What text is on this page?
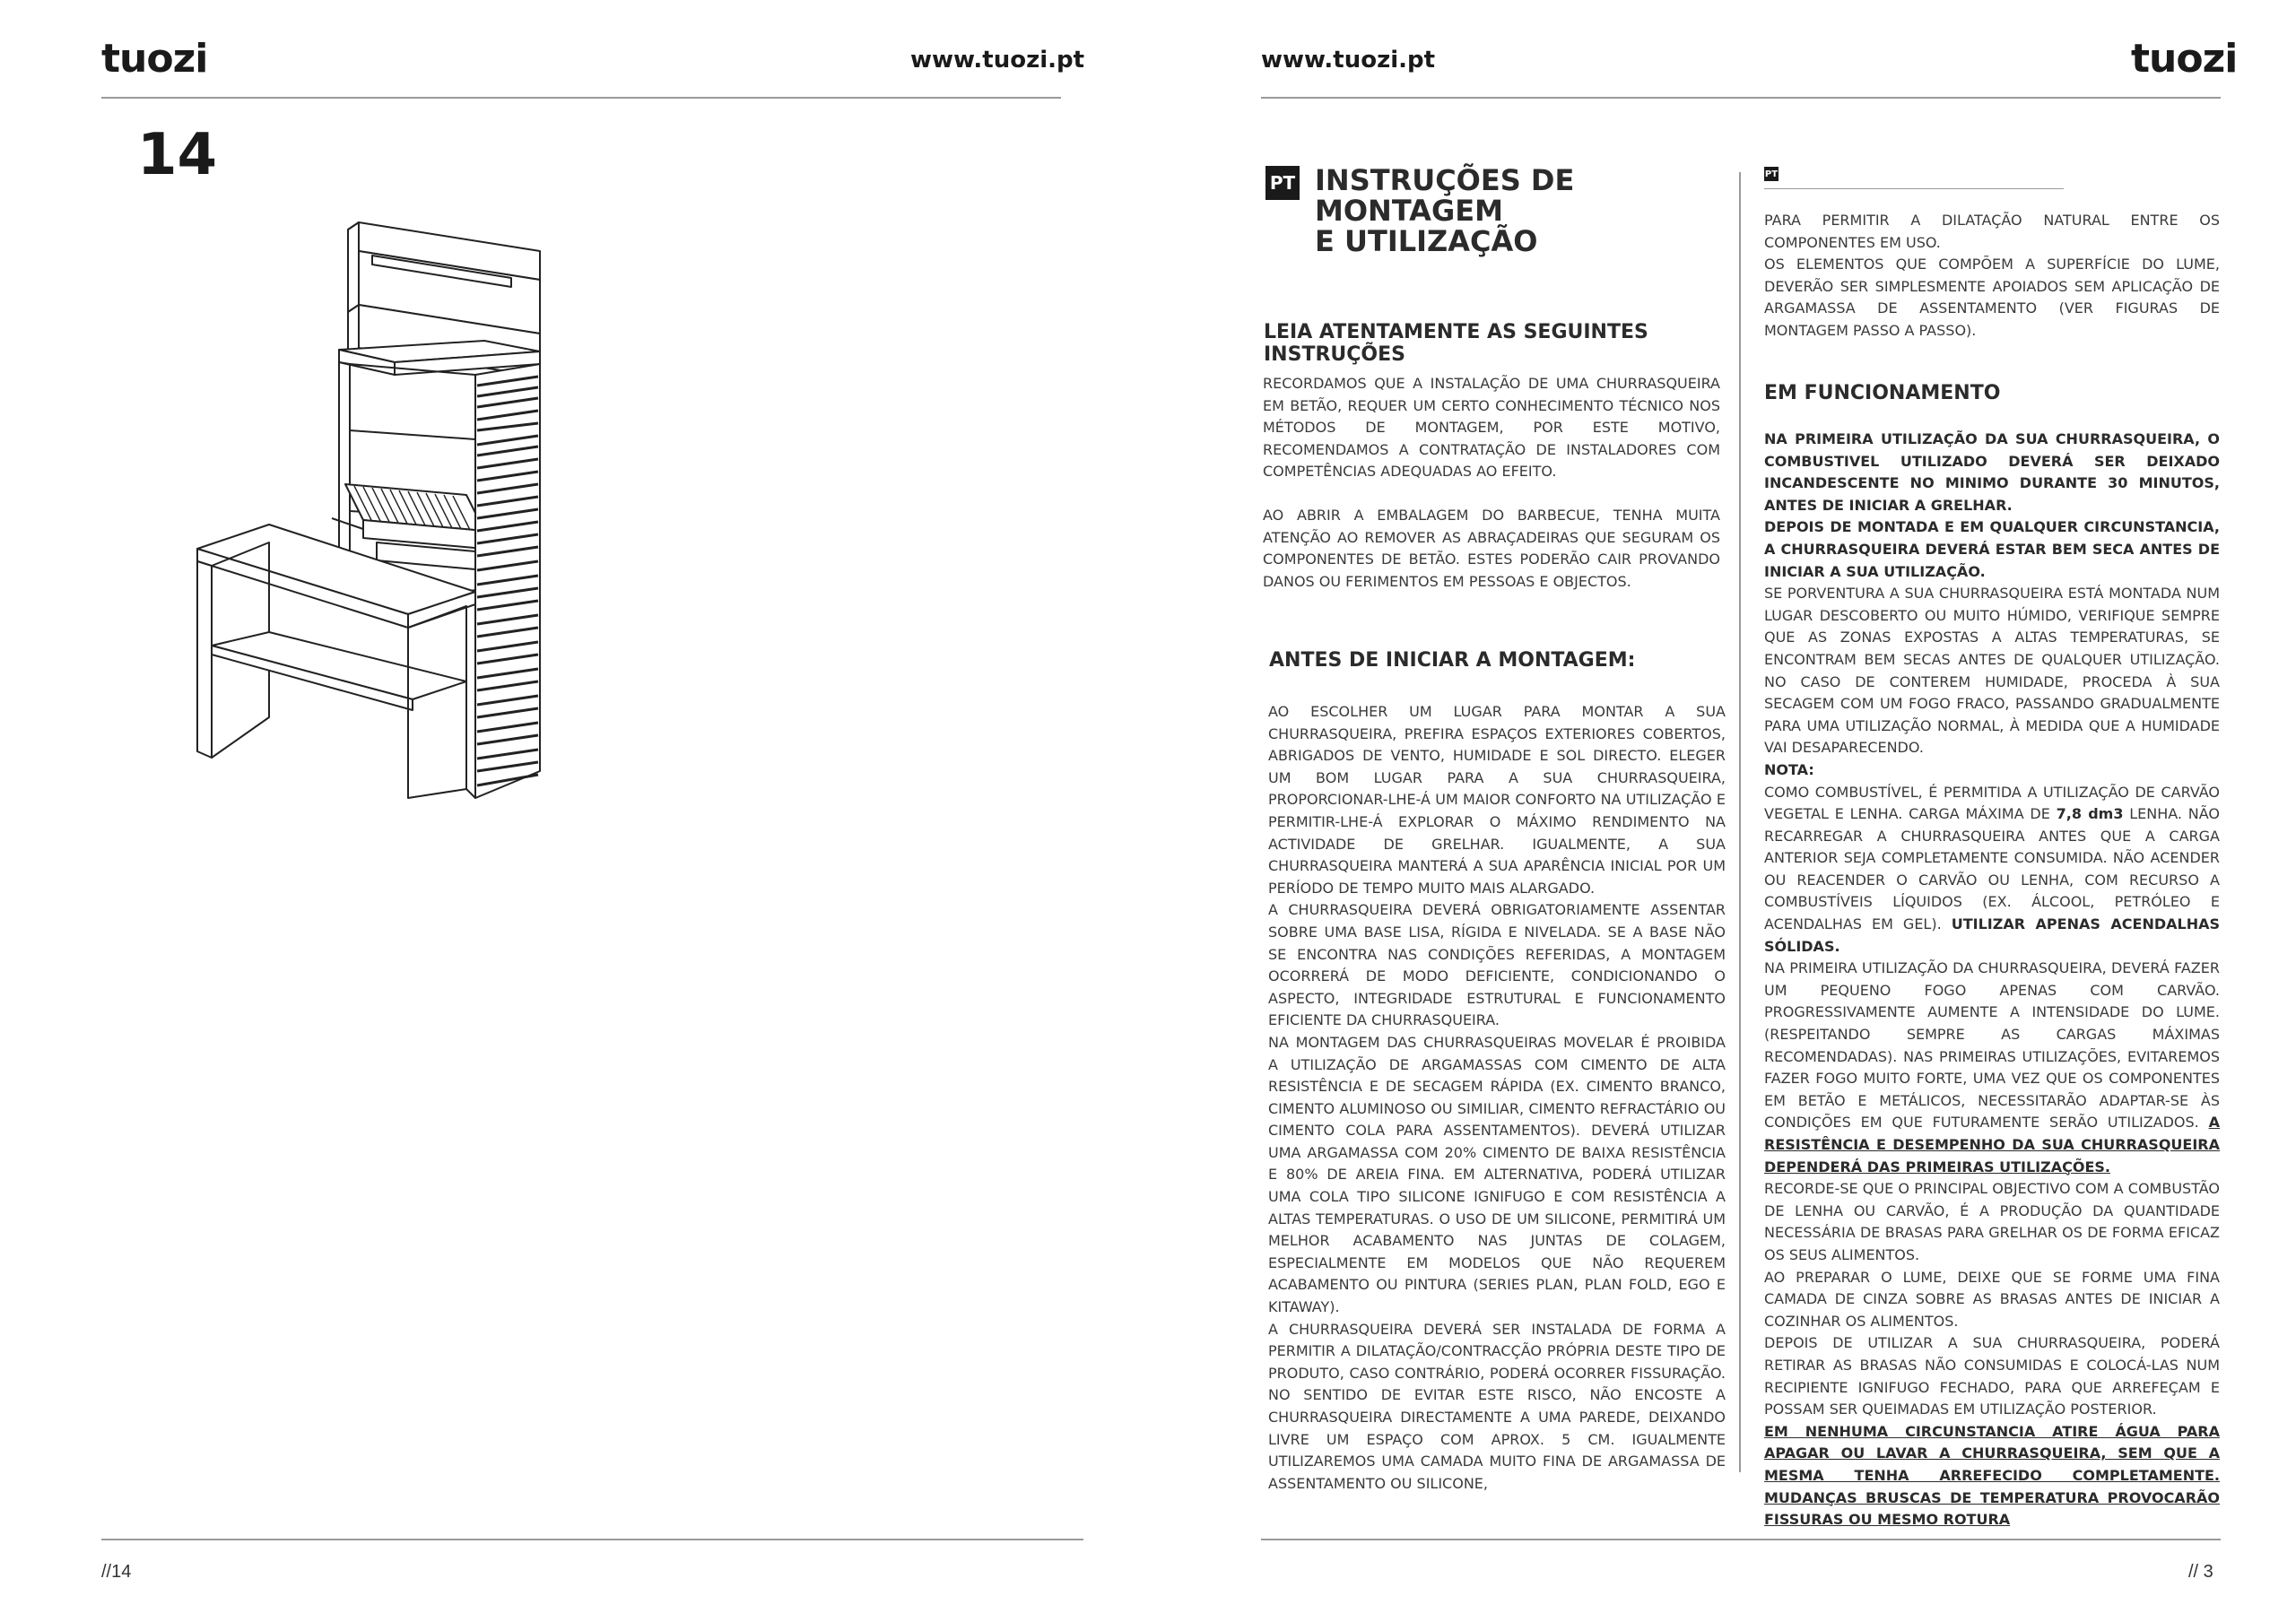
tuozi	www.tuozi.pt
14
//14
www.tuozi.pt	tuozi
PT INSTRUÇÕES DE MONTAGEM
E UTILIZAÇÃO
LEIA ATENTAMENTE AS SEGUINTES INSTRUÇÕES

RECORDAMOS QUE A INSTALAÇÃO DE UMA CHURRASQUEIRA EM BETÃO, REQUER UM CERTO CONHECIMENTO TÉCNICO NOS MÉTODOS DE MONTAGEM, POR ESTE MOTIVO, RECOMENDAMOS A CONTRATAÇÃO DE INSTALADORES COM COMPETÊNCIAS ADEQUADAS AO EFEITO.

AO ABRIR A EMBALAGEM DO BARBECUE, TENHA MUITA ATENÇÃO AO REMOVER AS ABRAÇADEIRAS QUE SEGURAM OS COMPONENTES DE BETÃO. ESTES PODERÃO CAIR PROVANDO DANOS OU FERIMENTOS EM PESSOAS E OBJECTOS.

ANTES DE INICIAR A MONTAGEM:

AO ESCOLHER UM LUGAR PARA MONTAR A SUA CHURRASQUEIRA, PREFIRA ESPAÇOS EXTERIORES COBERTOS, ABRIGADOS DE VENTO, HUMIDADE E SOL DIRECTO. ELEGER UM BOM LUGAR PARA A SUA CHURRASQUEIRA, PROPORCIONAR-LHE-Á UM MAIOR CONFORTO NA UTILIZAÇÃO E PERMITIR-LHE-Á EXPLORAR O MÁXIMO RENDIMENTO NA ACTIVIDADE DE GRELHAR. IGUALMENTE, A SUA CHURRASQUEIRA MANTERÁ A SUA APARÊNCIA INICIAL POR UM PERÍODO DE TEMPO MUITO MAIS ALARGADO.

A CHURRASQUEIRA DEVERÁ OBRIGATORIAMENTE ASSENTAR SOBRE UMA BASE LISA, RÍGIDA E NIVELADA. SE A BASE NÃO SE ENCONTRA NAS CONDIÇÕES REFERIDAS, A MONTAGEM OCORRERÁ DE MODO DEFICIENTE, CONDICIONANDO O ASPECTO, INTEGRIDADE ESTRUTURAL E FUNCIONAMENTO EFICIENTE DA CHURRASQUEIRA.

NA MONTAGEM DAS CHURRASQUEIRAS MOVELAR É PROIBIDA A UTILIZAÇÃO DE ARGAMASSAS COM CIMENTO DE ALTA RESISTÊNCIA E DE SECAGEM RÁPIDA (EX. CIMENTO BRANCO, CIMENTO ALUMINOSO OU SIMILIAR, CIMENTO REFRACTÁRIO OU CIMENTO COLA PARA ASSENTAMENTOS). DEVERÁ UTILIZAR UMA ARGAMASSA COM 20% CIMENTO DE BAIXA RESISTÊNCIA E 80% DE AREIA FINA. EM ALTERNATIVA, PODERÁ UTILIZAR UMA COLA TIPO SILICONE IGNIFUGO E COM RESISTÊNCIA A ALTAS TEMPERATURAS. O USO DE UM SILICONE, PERMITIRÁ UM MELHOR ACABAMENTO NAS JUNTAS DE COLAGEM, ESPECIALMENTE EM MODELOS QUE NÃO REQUEREM ACABAMENTO OU PINTURA (SERIES PLAN, PLAN FOLD, EGO E KITAWAY).

A CHURRASQUEIRA DEVERÁ SER INSTALADA DE FORMA A PERMITIR A DILATAÇÃO/CONTRACÇÃO PRÓPRIA DESTE TIPO DE PRODUTO, CASO CONTRÁRIO, PODERÁ OCORRER FISSURAÇÃO. NO SENTIDO DE EVITAR ESTE RISCO, NÃO ENCOSTE A CHURRASQUEIRA DIRECTAMENTE A UMA PAREDE, DEIXANDO LIVRE UM ESPAÇO COM APROX. 5 CM. IGUALMENTE UTILIZAREMOS UMA CAMADA MUITO FINA DE ARGAMASSA DE ASSENTAMENTO OU SILICONE,

PT

PARA PERMITIR A DILATAÇÃO NATURAL ENTRE OS COMPONENTES EM USO.

OS ELEMENTOS QUE COMPÕEM A SUPERFÍCIE DO LUME, DEVERÃO SER SIMPLESMENTE APOIADOS SEM APLICAÇÃO DE ARGAMASSA DE ASSENTAMENTO (VER FIGURAS DE MONTAGEM PASSO A PASSO).

EM FUNCIONAMENTO

NA PRIMEIRA UTILIZAÇÃO DA SUA CHURRASQUEIRA, O COMBUSTIVEL UTILIZADO DEVERÁ SER DEIXADO INCANDESCENTE NO MINIMO DURANTE 30 MINUTOS, ANTES DE INICIAR A GRELHAR.

DEPOIS DE MONTADA E EM QUALQUER CIRCUNSTANCIA, A CHURRASQUEIRA DEVERÁ ESTAR BEM SECA ANTES DE INICIAR A SUA UTILIZAÇÃO.

SE PORVENTURA A SUA CHURRASQUEIRA ESTÁ MONTADA NUM LUGAR DESCOBERTO OU MUITO HÚMIDO, VERIFIQUE SEMPRE QUE AS ZONAS EXPOSTAS A ALTAS TEMPERATURAS, SE ENCONTRAM BEM SECAS ANTES DE QUALQUER UTILIZAÇÃO. NO CASO DE CONTEREM HUMIDADE, PROCEDA À SUA SECAGEM COM UM FOGO FRACO, PASSANDO GRADUALMENTE PARA UMA UTILIZAÇÃO NORMAL, À MEDIDA QUE A HUMIDADE VAI DESAPARECENDO.

NOTA:

COMO COMBUSTÍVEL, É PERMITIDA A UTILIZAÇÃO DE CARVÃO VEGETAL E LENHA. CARGA MÁXIMA DE 7,8 dm3 LENHA. NÃO RECARREGAR A CHURRASQUEIRA ANTES QUE A CARGA ANTERIOR SEJA COMPLETAMENTE CONSUMIDA. NÃO ACENDER OU REACENDER O CARVÃO OU LENHA, COM RECURSO A COMBUSTÍVEIS LÍQUIDOS (EX. ÁLCOOL, PETRÓLEO E ACENDALHAS EM GEL). UTILIZAR APENAS ACENDALHAS SÓLIDAS.

NA PRIMEIRA UTILIZAÇÃO DA CHURRASQUEIRA, DEVERÁ FAZER UM PEQUENO FOGO APENAS COM CARVÃO. PROGRESSIVAMENTE AUMENTE A INTENSIDADE DO LUME. (RESPEITANDO SEMPRE AS CARGAS MÁXIMAS RECOMENDADAS). NAS PRIMEIRAS UTILIZAÇÕES, EVITAREMOS FAZER FOGO MUITO FORTE, UMA VEZ QUE OS COMPONENTES EM BETÃO E METÁLICOS, NECESSITARÃO ADAPTAR-SE ÀS CONDIÇÕES EM QUE FUTURAMENTE SERÃO UTILIZADOS. A RESISTÊNCIA E DESEMPENHO DA SUA CHURRASQUEIRA DEPENDERÁ DAS PRIMEIRAS UTILIZAÇÕES.

RECORDE-SE QUE O PRINCIPAL OBJECTIVO COM A COMBUSTÃO DE LENHA OU CARVÃO, É A PRODUÇÃO DA QUANTIDADE NECESSÁRIA DE BRASAS PARA GRELHAR OS DE FORMA EFICAZ OS SEUS ALIMENTOS.

AO PREPARAR O LUME, DEIXE QUE SE FORME UMA FINA CAMADA DE CINZA SOBRE AS BRASAS ANTES DE INICIAR A COZINHAR OS ALIMENTOS.

DEPOIS DE UTILIZAR A SUA CHURRASQUEIRA, PODERÁ RETIRAR AS BRASAS NÃO CONSUMIDAS E COLOCÁ-LAS NUM RECIPIENTE IGNIFUGO FECHADO, PARA QUE ARREFEÇAM E POSSAM SER QUEIMADAS EM UTILIZAÇÃO POSTERIOR.

EM NENHUMA CIRCUNSTANCIA ATIRE ÁGUA PARA APAGAR OU LAVAR A CHURRASQUEIRA, SEM QUE A MESMA TENHA ARREFECIDO COMPLETAMENTE. MUDANÇAS BRUSCAS DE TEMPERATURA PROVOCARÃO FISSURAS OU MESMO ROTURA

// 3
